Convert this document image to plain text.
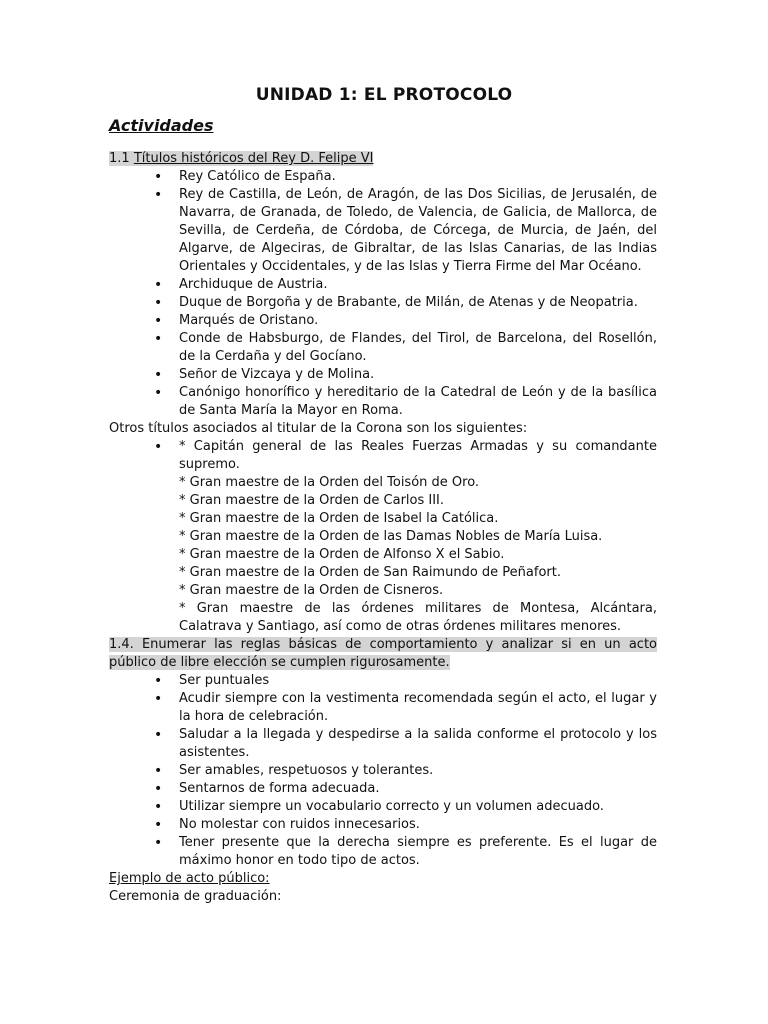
UNIDAD 1: EL PROTOCOLO
Actividades
1.1 Títulos históricos del Rey D. Felipe VI
• Rey Católico de España.
• Rey de Castilla, de León, de Aragón, de las Dos Sicilias, de Jerusalén, de Navarra, de Granada, de Toledo, de Valencia, de Galicia, de Mallorca, de Sevilla, de Cerdeña, de Córdoba, de Córcega, de Murcia, de Jaén, del Algarve, de Algeciras, de Gibraltar, de las Islas Canarias, de las Indias Orientales y Occidentales, y de las Islas y Tierra Firme del Mar Océano.
• Archiduque de Austria.
• Duque de Borgoña y de Brabante, de Milán, de Atenas y de Neopatria.
• Marqués de Oristano.
• Conde de Habsburgo, de Flandes, del Tirol, de Barcelona, del Rosellón, de la Cerdaña y del Gocíano.
• Señor de Vizcaya y de Molina.
• Canónigo honorífico y hereditario de la Catedral de León y de la basílica de Santa María la Mayor en Roma.
Otros títulos asociados al titular de la Corona son los siguientes:
• * Capitán general de las Reales Fuerzas Armadas y su comandante supremo.
* Gran maestre de la Orden del Toisón de Oro.
* Gran maestre de la Orden de Carlos III.
* Gran maestre de la Orden de Isabel la Católica.
* Gran maestre de la Orden de las Damas Nobles de María Luisa.
* Gran maestre de la Orden de Alfonso X el Sabio.
* Gran maestre de la Orden de San Raimundo de Peñafort.
* Gran maestre de la Orden de Cisneros.
* Gran maestre de las órdenes militares de Montesa, Alcántara, Calatrava y Santiago, así como de otras órdenes militares menores.
1.4. Enumerar las reglas básicas de comportamiento y analizar si en un acto público de libre elección se cumplen rigurosamente.
• Ser puntuales
• Acudir siempre con la vestimenta recomendada según el acto, el lugar y la hora de celebración.
• Saludar a la llegada y despedirse a la salida conforme el protocolo y los asistentes.
• Ser amables, respetuosos y tolerantes.
• Sentarnos de forma adecuada.
• Utilizar siempre un vocabulario correcto y un volumen adecuado.
• No molestar con ruidos innecesarios.
• Tener presente que la derecha siempre es preferente. Es el lugar de máximo honor en todo tipo de actos.
Ejemplo de acto público:
Ceremonia de graduación:
